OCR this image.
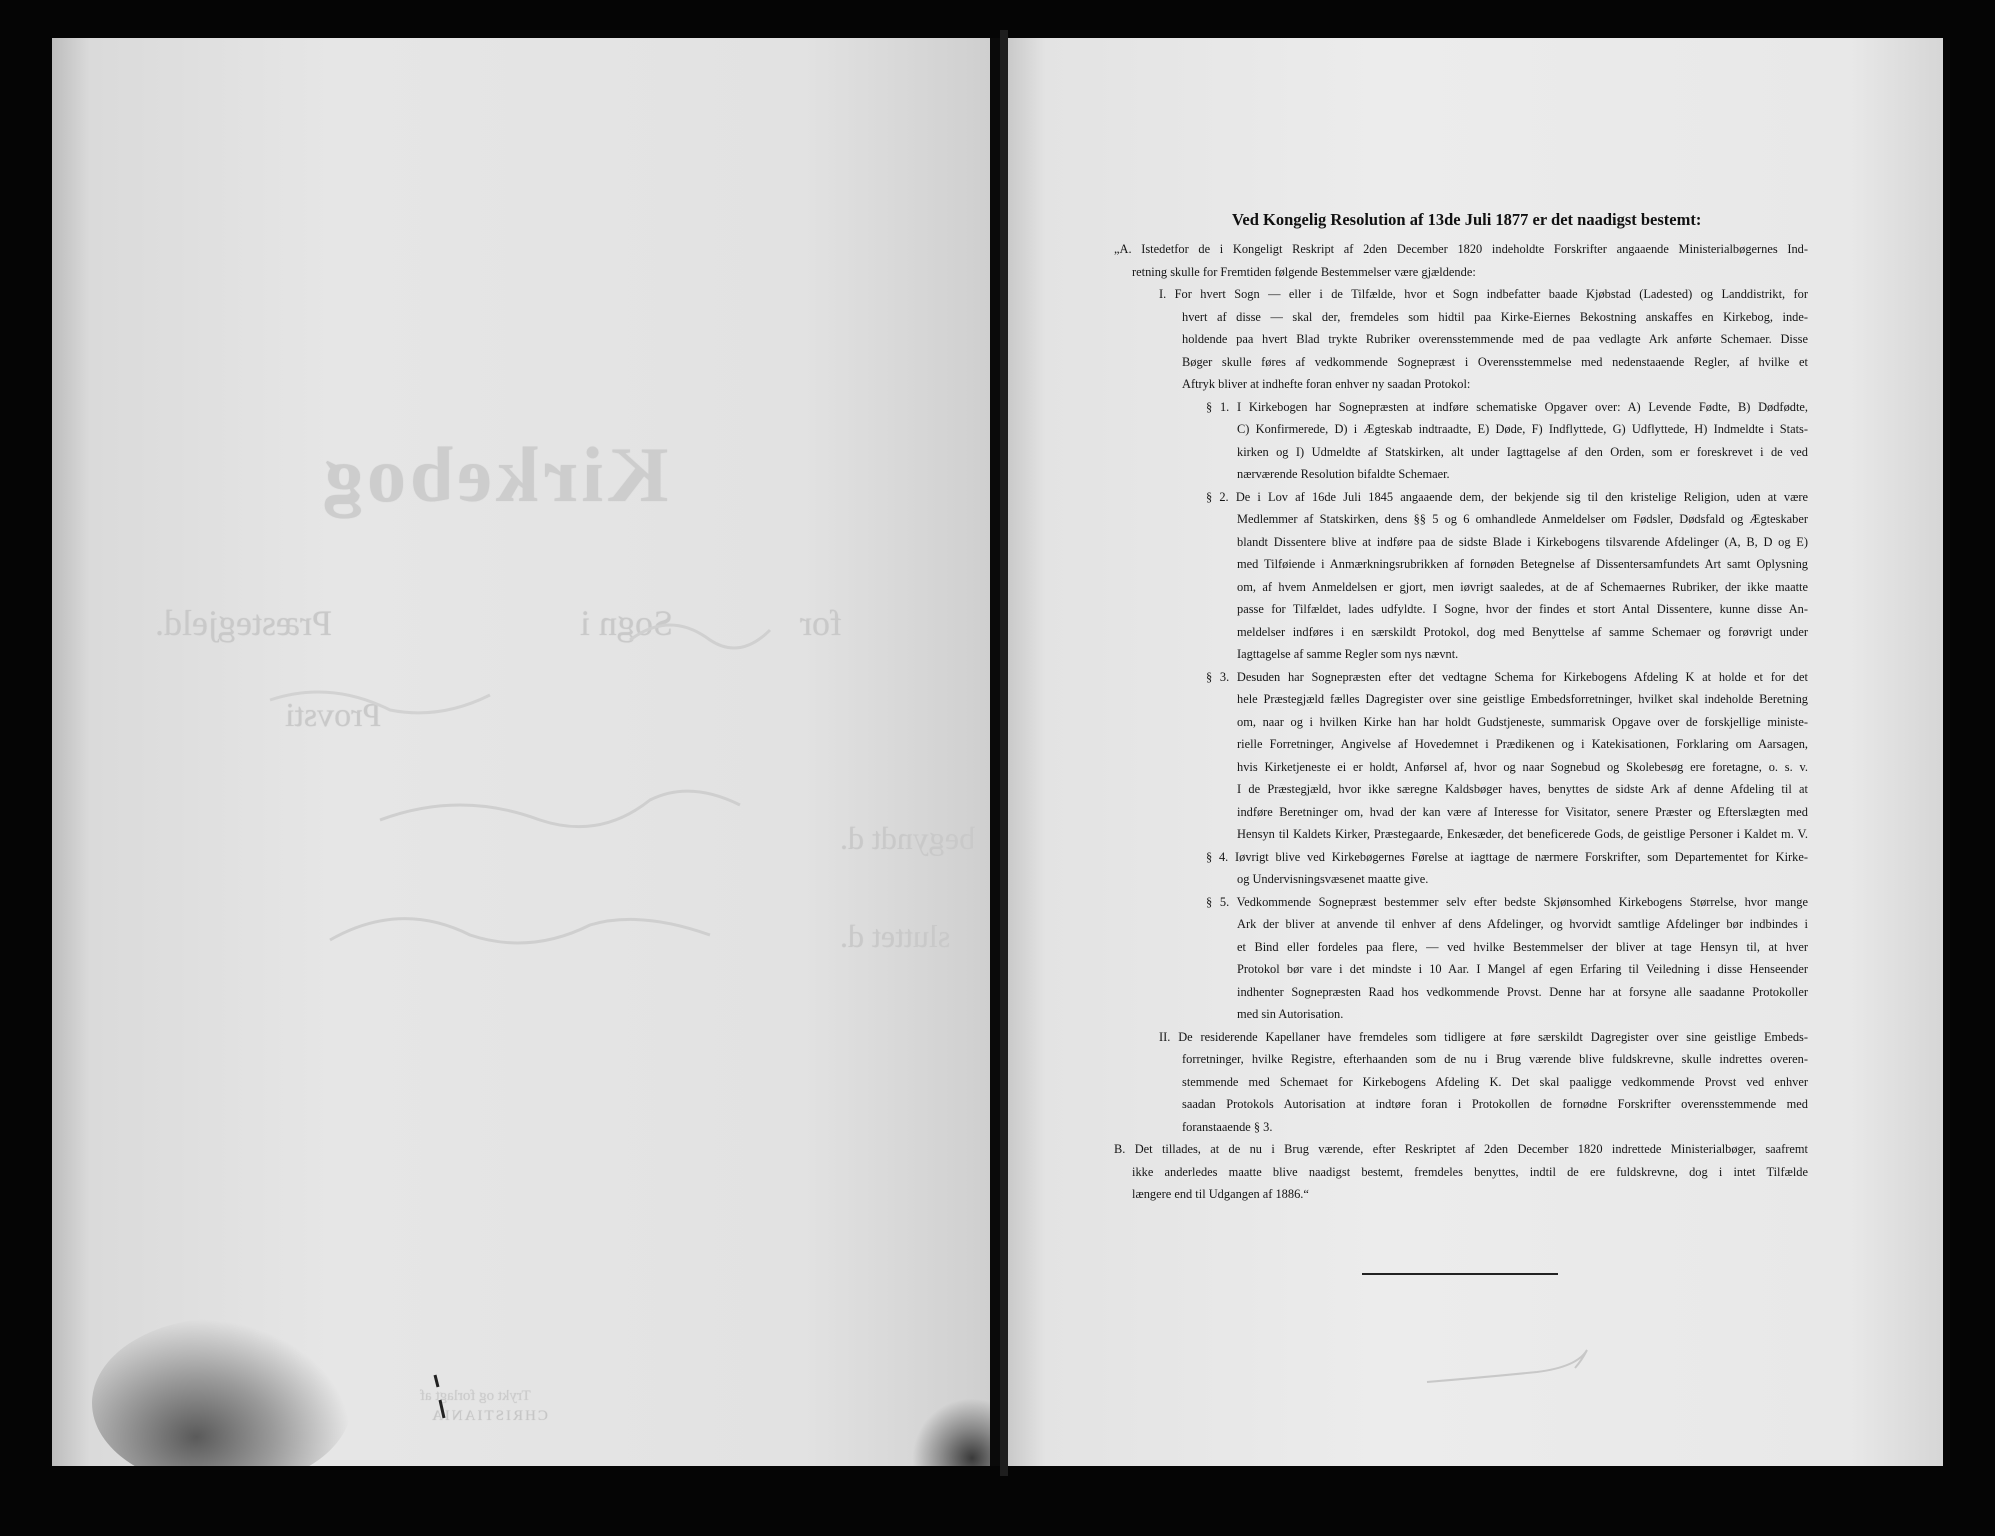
Kirkebog
for
Sogn i
Præstegjeld.
Provsti
begyndt d.
sluttet d.
Trykt og forlagt af
CHRISTIANIA
Ved Kongelig Resolution af 13de Juli 1877 er det naadigst bestemt:
„A. Istedetfor de i Kongeligt Reskript af 2den December 1820 indeholdte Forskrifter angaaende Ministerialbøgernes Ind-
retning skulle for Fremtiden følgende Bestemmelser være gjældende:
I. For hvert Sogn — eller i de Tilfælde, hvor et Sogn indbefatter baade Kjøbstad (Ladested) og Landdistrikt, for
hvert af disse — skal der, fremdeles som hidtil paa Kirke-Eiernes Bekostning anskaffes en Kirkebog, inde-
holdende paa hvert Blad trykte Rubriker overensstemmende med de paa vedlagte Ark anførte Schemaer. Disse
Bøger skulle føres af vedkommende Sognepræst i Overensstemmelse med nedenstaaende Regler, af hvilke et
Aftryk bliver at indhefte foran enhver ny saadan Protokol:
§ 1. I Kirkebogen har Sognepræsten at indføre schematiske Opgaver over: A) Levende Fødte, B) Dødfødte,
C) Konfirmerede, D) i Ægteskab indtraadte, E) Døde, F) Indflyttede, G) Udflyttede, H) Indmeldte i Stats-
kirken og I) Udmeldte af Statskirken, alt under Iagttagelse af den Orden, som er foreskrevet i de ved
nærværende Resolution bifaldte Schemaer.
§ 2. De i Lov af 16de Juli 1845 angaaende dem, der bekjende sig til den kristelige Religion, uden at være
Medlemmer af Statskirken, dens §§ 5 og 6 omhandlede Anmeldelser om Fødsler, Dødsfald og Ægteskaber
blandt Dissentere blive at indføre paa de sidste Blade i Kirkebogens tilsvarende Afdelinger (A, B, D og E)
med Tilføiende i Anmærkningsrubrikken af fornøden Betegnelse af Dissentersamfundets Art samt Oplysning
om, af hvem Anmeldelsen er gjort, men iøvrigt saaledes, at de af Schemaernes Rubriker, der ikke maatte
passe for Tilfældet, lades udfyldte. I Sogne, hvor der findes et stort Antal Dissentere, kunne disse An-
meldelser indføres i en særskildt Protokol, dog med Benyttelse af samme Schemaer og forøvrigt under
Iagttagelse af samme Regler som nys nævnt.
§ 3. Desuden har Sognepræsten efter det vedtagne Schema for Kirkebogens Afdeling K at holde et for det
hele Præstegjæld fælles Dagregister over sine geistlige Embedsforretninger, hvilket skal indeholde Beretning
om, naar og i hvilken Kirke han har holdt Gudstjeneste, summarisk Opgave over de forskjellige ministe-
rielle Forretninger, Angivelse af Hovedemnet i Prædikenen og i Katekisationen, Forklaring om Aarsagen,
hvis Kirketjeneste ei er holdt, Anførsel af, hvor og naar Sognebud og Skolebesøg ere foretagne, o. s. v.
I de Præstegjæld, hvor ikke særegne Kaldsbøger haves, benyttes de sidste Ark af denne Afdeling til at
indføre Beretninger om, hvad der kan være af Interesse for Visitator, senere Præster og Efterslægten med
Hensyn til Kaldets Kirker, Præstegaarde, Enkesæder, det beneficerede Gods, de geistlige Personer i Kaldet m. V.
§ 4. Iøvrigt blive ved Kirkebøgernes Førelse at iagttage de nærmere Forskrifter, som Departementet for Kirke-
og Undervisningsvæsenet maatte give.
§ 5. Vedkommende Sognepræst bestemmer selv efter bedste Skjønsomhed Kirkebogens Størrelse, hvor mange
Ark der bliver at anvende til enhver af dens Afdelinger, og hvorvidt samtlige Afdelinger bør indbindes i
et Bind eller fordeles paa flere, — ved hvilke Bestemmelser der bliver at tage Hensyn til, at hver
Protokol bør vare i det mindste i 10 Aar. I Mangel af egen Erfaring til Veiledning i disse Henseender
indhenter Sognepræsten Raad hos vedkommende Provst. Denne har at forsyne alle saadanne Protokoller
med sin Autorisation.
II. De residerende Kapellaner have fremdeles som tidligere at føre særskildt Dagregister over sine geistlige Embeds-
forretninger, hvilke Registre, efterhaanden som de nu i Brug værende blive fuldskrevne, skulle indrettes overen-
stemmende med Schemaet for Kirkebogens Afdeling K. Det skal paaligge vedkommende Provst ved enhver
saadan Protokols Autorisation at indtøre foran i Protokollen de fornødne Forskrifter overensstemmende med
foranstaaende § 3.
B. Det tillades, at de nu i Brug værende, efter Reskriptet af 2den December 1820 indrettede Ministerialbøger, saafremt
ikke anderledes maatte blive naadigst bestemt, fremdeles benyttes, indtil de ere fuldskrevne, dog i intet Tilfælde
længere end til Udgangen af 1886.“
